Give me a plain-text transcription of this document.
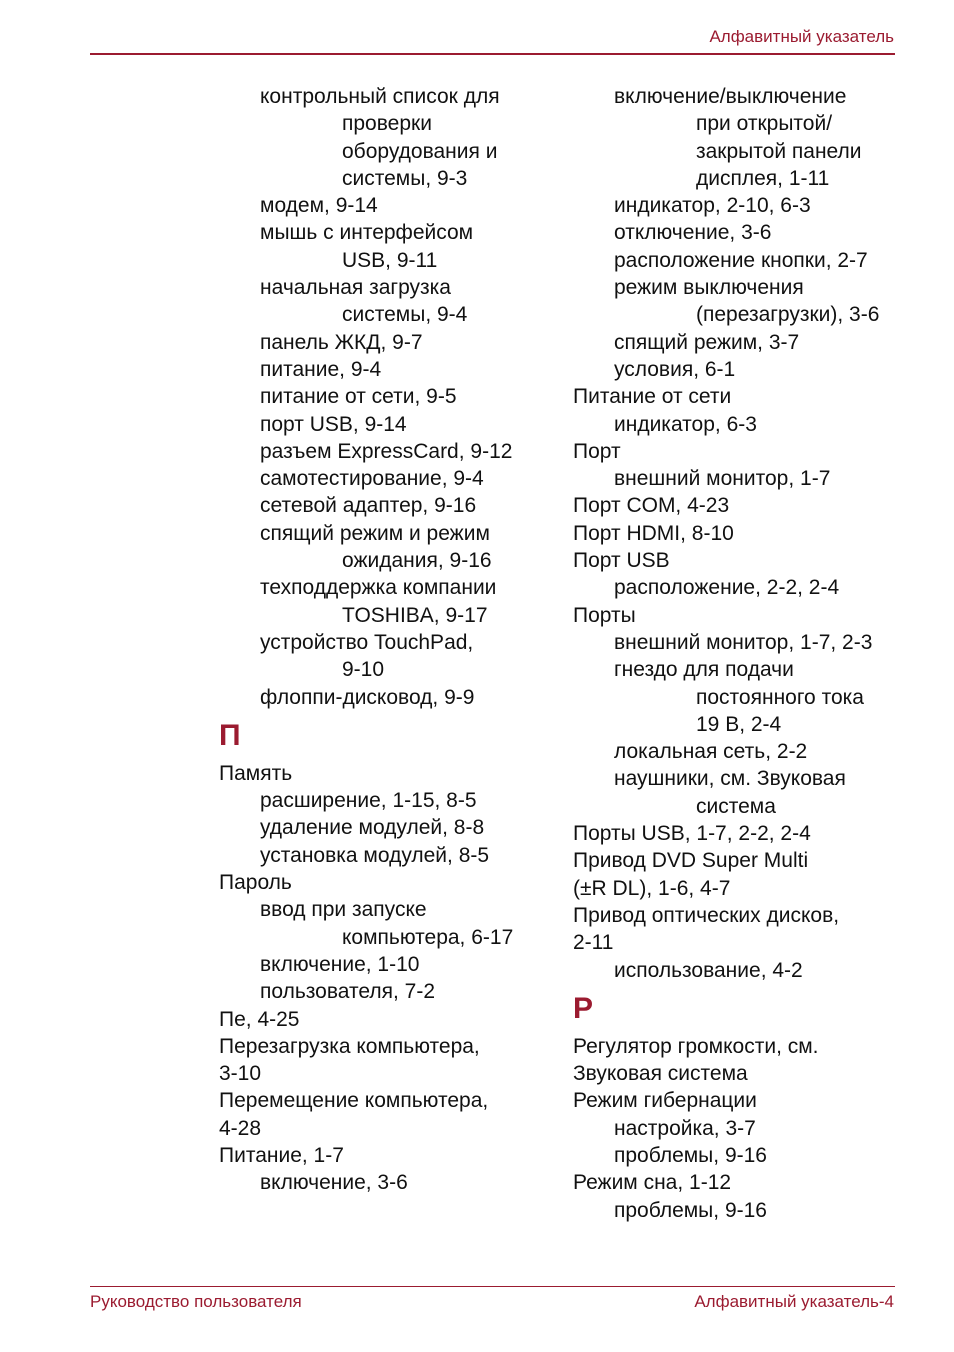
Алфавитный указатель
контрольный список для
проверки
оборудования и
системы, 9-3
модем, 9-14
мышь с интерфейсом
USB, 9-11
начальная загрузка
системы, 9-4
панель ЖКД, 9-7
питание, 9-4
питание от сети, 9-5
порт USB, 9-14
разъем ExpressCard, 9-12
самотестирование, 9-4
сетевой адаптер, 9-16
спящий режим и режим
ожидания, 9-16
техподдержка компании
TOSHIBA, 9-17
устройство TouchPad,
9-10
флоппи-дисковод, 9-9
П
Память
расширение, 1-15, 8-5
удаление модулей, 8-8
установка модулей, 8-5
Пароль
ввод при запуске
компьютера, 6-17
включение, 1-10
пользователя, 7-2
Пе, 4-25
Перезагрузка компьютера,
3-10
Перемещение компьютера,
4-28
Питание, 1-7
включение, 3-6
включение/выключение
при открытой/
закрытой панели
дисплея, 1-11
индикатор, 2-10, 6-3
отключение, 3-6
расположение кнопки, 2-7
режим выключения
(перезагрузки), 3-6
спящий режим, 3-7
условия, 6-1
Питание от сети
индикатор, 6-3
Порт
внешний монитор, 1-7
Порт COM, 4-23
Порт HDMI, 8-10
Порт USB
расположение, 2-2, 2-4
Порты
внешний монитор, 1-7, 2-3
гнездо для подачи
постоянного тока
19 В, 2-4
локальная сеть, 2-2
наушники, см. Звуковая
система
Порты USB, 1-7, 2-2, 2-4
Привод DVD Super Multi
(±R DL), 1-6, 4-7
Привод оптических дисков,
2-11
использование, 4-2
Р
Регулятор громкости, см.
Звуковая система
Режим гибернации
настройка, 3-7
проблемы, 9-16
Режим сна, 1-12
проблемы, 9-16
Руководство пользователя	Алфавитный указатель-4
